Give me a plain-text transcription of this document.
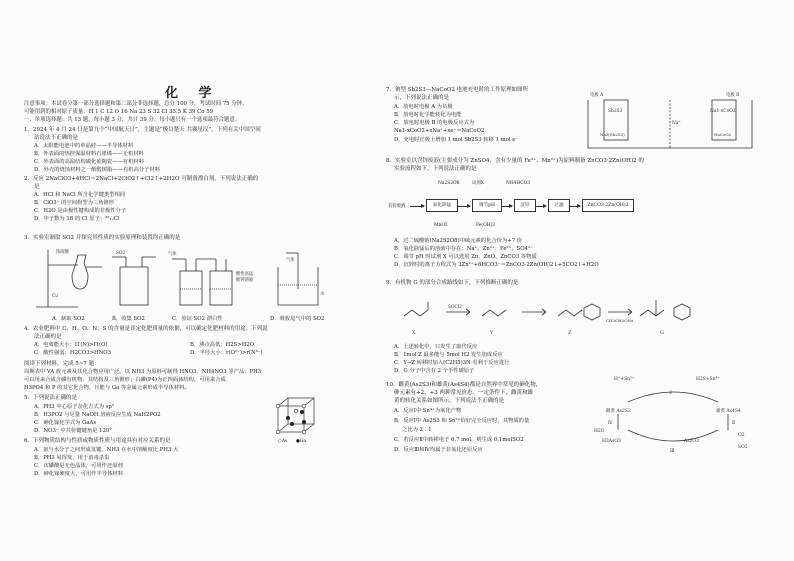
化 学
注意事项：本试卷分第一部分选择题和第二部分非选择题，总分 100 分，考试时间 75 分钟。
可能用到的相对原子质量：H 1 C 12 O 16 Na 23 S 32 Cl 35.5 K 39 Co 59
一、单项选择题：共 13 题，每小题 3 分，共计 39 分。每小题只有一个选项最符合题意。
1．2024 年 4 月 24 日是第九个“中国航天日”，主题是“极目楚天 共襄星汉”。下列有关中国空间
站说法不正确的是
A．太阳能电池中的单晶硅——半导体材料
B．外表面的热控保温材料石墨烯——无机材料
C．外表面的高温结构碳化硅陶瓷——有机材料
D．外壳的烧蚀材料之一酚醛树脂——有机高分子材料
2．反应 2NaClO3+4HCl＝2NaCl+2ClO2↑+Cl2↑+2H2O 可制备漂白剂。下列说法正确的
是
A．HCl 和 NaCl 所含化学键类型相同
B．ClO3⁻ 的空间构型为三角锥形
C．H2O 是由极性键构成的非极性分子
D．中子数为 18 的 Cl 原子：³⁵₁₇Cl
3．实验室制取 SO2 并探究其性质的实验原理和装置均正确的是
浓硫酸
Cu
SO2	气体
酸性高锰
酸钾溶液
气体
水
A．制取 SO2	B．收集 SO2	C．验证 SO2 漂白性	D．吸收尾气中的 SO2
4．农业肥料中 C、H、O、N、S 的含量是评定化肥质量的依据，可以确定化肥材料的用途。下列说
法正确的是
A．电离能大小：I1(N)>I1(O)	B．沸点高低：H2S>H2O
C．酸性强弱：H2CO3>HNO3	D．半径大小：r(O²⁻)>r(N³⁻)
阅读下列材料，完成 5~7 题：
周期表中 VA 族元素及其化合物应用广泛。以 NH3 为原料可制得 HNO3、NH4NO3 等产品；PH3
可以用来合成含磷有机物，其结构及三角锥形；白磷(P4)为正四面体结构，可用来合成
H3PO4 和 P 的其它化合物，且能与 Ga 等金属元素形成半导体材料。
5．下列说法正确的是
A．PH3 中心原子杂化方式为 sp³
B．H3PO2 与足量 NaOH 溶液反应生成 NaH2PO2
C．砷化镓化学式为 GaAs
D．NO3⁻ 中共价键键角是 120°
○As ●Ga
6．下列物质结构与性质或物质性质与用途具有对应关系的是
A．氨与水分子之间形成氢键，NH3 在水中溶解度比 PH3 大
B．PH3 易挥发，用于消毒杀虫
C．次磷酸是无色晶体，可用作还原剂
D．砷化镓硬度大，可用作半导体材料
7．钠型 Sb2S3—NaCoO2 电池充电时的工作原理如图所
示，下列说法正确的是
A．放电时电极 A 为负极
B．放电时化学能转化为电能
C．放电时电极 B 的电极反应式为
Na1-xCoO2+xNa⁺+xe⁻＝NaCoO2
D．充电时正极上增加 1 mol Sb2S3 转移 1 mol e⁻
电极 A	电极 B
Sb2S3	Na1-xCoO2
Na⁺
Na3(Sb2S3)	NaCoO2
8．实验室以含锌废液(主要成分为 ZnSO4，含有少量的 Fe²⁺、Mn²⁺)为原料制备 ZnCO3·2Zn(OH)2 的
实验流程如下。下列说法正确的是
Na2S2O8	试剂X	NH4HCO3
有锌废液	氧化除锰	调节pH	沉锌	过滤	ZnCO3·2Zn(OH)2
MnO2	Fe(OH)3
A．过二硫酸钠(Na2S2O8)中硫元素的化合价为+7 价
B．氧化除锰后的溶液中存在：Na⁺、Zn²⁺、Fe²⁺、SO4²⁻
C．调节 pH 时试剂 X 可以选用 Zn、ZnO、ZnCO3 等物质
D．沉锌时的离子方程式为 3Zn²⁺+6HCO3⁻＝ZnCO3·2Zn(OH)2↓+5CO2↑+H2O
9．有机物 G 的部分合成路线如下，下列推断正确的是
X	Y	Z	G
SOCl2
CH3CH2ONa
A．上述转化中，只发生了取代反应
B．1mol Z 最多能与 5mol H2 发生加成反应
C．Y→Z 转移时加入(C2H5)3N 有利于反应进行
D．G 分子中含有 2 个手性碳原子
10．雌黄(As2S3)和雄黄(As4S4)都是自然界中常见的砷化物，
砷元素有+2、+3 两种常见价态。一定条件下，雌黄和雄
黄的转化关系如图所示。下列说法不正确的是
A．反应Ⅰ中 Sn⁴⁺为氧化产物
B．反应Ⅰ中 As2S3 和 Sn²⁺恰好完全反应时，其物质的量
之比为 2∶1
C．若反应Ⅱ中转移电子 0.7 mol，则生成 0.1molSO2
D．反应Ⅲ和Ⅳ均属于非氧化还原反应
H⁺+Sn²⁺	H2S+Sn⁴⁺
雌黄 As2S3	雄黄 As4S4
Ⅰ
Ⅱ
Ⅲ
Ⅳ
H3AsO3	As2O3
O2
SO2
H2O
